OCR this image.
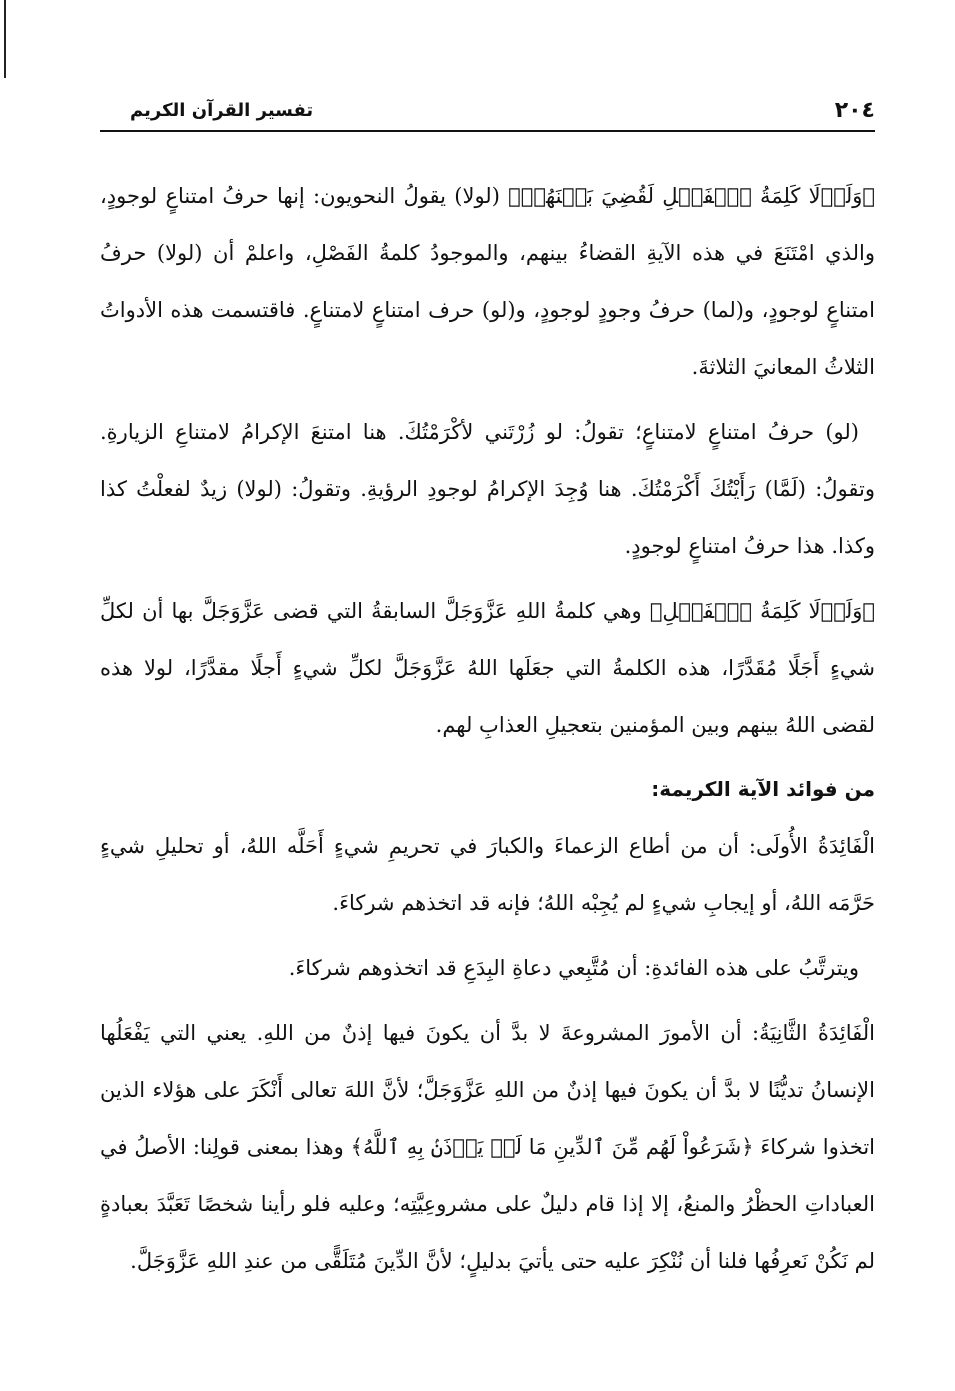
٢٠٤
تفسير القرآن الكريم

﴿وَلَوۡلَا كَلِمَةُ ٱلۡفَصۡلِ لَقُضِيَ بَيۡنَهُمۡ﴾ (لولا) يقولُ النحويون: إنها حرفُ امتناعٍ لوجودٍ، والذي امْتَنَعَ في هذه الآيةِ القضاءُ بينهم، والموجودُ كلمةُ الفَصْلِ، واعلمْ أن (لولا) حرفُ امتناعٍ لوجودٍ، و(لما) حرفُ وجودٍ لوجودٍ، و(لو) حرف امتناعٍ لامتناعٍ. فاقتسمت هذه الأدواتُ الثلاثُ المعانيَ الثلاثةَ.

(لو) حرفُ امتناعٍ لامتناعٍ؛ تقولُ: لو زُرْتَني لأكْرَمْتُكَ. هنا امتنعَ الإكرامُ لامتناعِ الزيارةِ. وتقولُ: (لَمَّا) رَأَيْتُكَ أَكْرَمْتُكَ. هنا وُجِدَ الإكرامُ لوجودِ الرؤيةِ. وتقولُ: (لولا) زيدٌ لفعلْتُ كذا وكذا. هذا حرفُ امتناعٍ لوجودٍ.

﴿وَلَوۡلَا كَلِمَةُ ٱلۡفَصۡلِ﴾ وهي كلمةُ اللهِ عَزَّوَجَلَّ السابقةُ التي قضى عَزَّوَجَلَّ بها أن لكلِّ شيءٍ أَجَلًا مُقَدَّرًا، هذه الكلمةُ التي جعَلَها اللهُ عَزَّوَجَلَّ لكلِّ شيءٍ أَجلًا مقدَّرًا، لولا هذه لقضى اللهُ بينهم وبين المؤمنين بتعجيلِ العذابِ لهم.

من فوائد الآية الكريمة:

الْفَائِدَةُ الأُولَى: أن من أطاع الزعماءَ والكبارَ في تحريمِ شيءٍ أَحَلَّه اللهُ، أو تحليلِ شيءٍ حَرَّمَه اللهُ، أو إيجابِ شيءٍ لم يُجِبْه اللهُ؛ فإنه قد اتخذهم شركاءَ.

ويترتَّبُ على هذه الفائدةِ: أن مُتَّبِعي دعاةِ البِدَعِ قد اتخذوهم شركاءَ.

الْفَائِدَةُ الثَّانِيَةُ: أن الأمورَ المشروعةَ لا بدَّ أن يكونَ فيها إذنٌ من اللهِ. يعني التي يَفْعَلُها الإنسانُ تديُّنًا لا بدَّ أن يكونَ فيها إذنٌ من اللهِ عَزَّوَجَلَّ؛ لأنَّ اللهَ تعالى أَنْكَرَ على هؤلاء الذين اتخذوا شركاءَ ﴿شَرَعُواْ لَهُم مِّنَ ٱلدِّينِ مَا لَمۡ يَأۡذَنۢ بِهِ ٱللَّهُ﴾ وهذا بمعنى قولِنا: الأصلُ في العباداتِ الحظْرُ والمنعُ، إلا إذا قام دليلٌ على مشروعِيَّتِه؛ وعليه فلو رأينا شخصًا تَعَبَّدَ بعبادةٍ لم نَكُنْ نَعرِفُها فلنا أن نُنْكِرَ عليه حتى يأتيَ بدليلٍ؛ لأنَّ الدِّينَ مُتَلَقًّى من عندِ اللهِ عَزَّوَجَلَّ.
